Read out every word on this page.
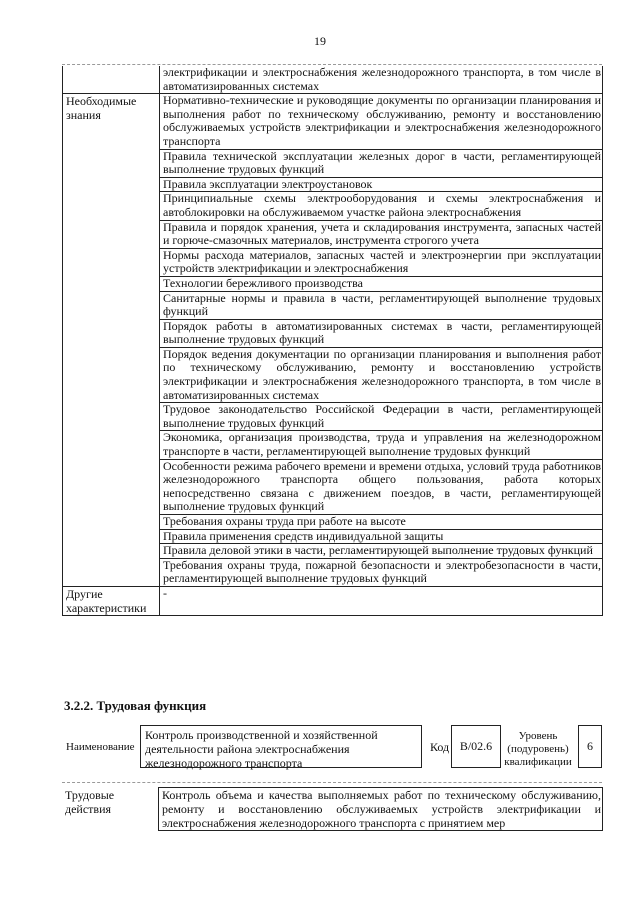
19
	электрификации и электроснабжения железнодорожного транспорта, в том числе в автоматизированных системах
Необходимые знания	Нормативно-технические и руководящие документы по организации планирования и выполнения работ по техническому обслуживанию, ремонту и восстановлению обслуживаемых устройств электрификации и электроснабжения железнодорожного транспорта
	Правила технической эксплуатации железных дорог в части, регламентирующей выполнение трудовых функций
	Правила эксплуатации электроустановок
	Принципиальные схемы электрооборудования и схемы электроснабжения и автоблокировки на обслуживаемом участке района электроснабжения
	Правила и порядок хранения, учета и складирования инструмента, запасных частей и горюче-смазочных материалов, инструмента строгого учета
	Нормы расхода материалов, запасных частей и электроэнергии при эксплуатации устройств электрификации и электроснабжения
	Технологии бережливого производства
	Санитарные нормы и правила в части, регламентирующей выполнение трудовых функций
	Порядок работы в автоматизированных системах в части, регламентирующей выполнение трудовых функций
	Порядок ведения документации по организации планирования и выполнения работ по техническому обслуживанию, ремонту и восстановлению устройств электрификации и электроснабжения железнодорожного транспорта, в том числе в автоматизированных системах
	Трудовое законодательство Российской Федерации в части, регламентирующей выполнение трудовых функций
	Экономика, организация производства, труда и управления на железнодорожном транспорте в части, регламентирующей выполнение трудовых функций
	Особенности режима рабочего времени и времени отдыха, условий труда работников железнодорожного транспорта общего пользования, работа которых непосредственно связана с движением поездов, в части, регламентирующей выполнение трудовых функций
	Требования охраны труда при работе на высоте
	Правила применения средств индивидуальной защиты
	Правила деловой этики в части, регламентирующей выполнение трудовых функций
	Требования охраны труда, пожарной безопасности и электробезопасности в части, регламентирующей выполнение трудовых функций
Другие характеристики	-
3.2.2. Трудовая функция
Наименование
Контроль производственной и хозяйственной деятельности района электроснабжения железнодорожного транспорта
Код В/02.6
Уровень (подуровень) квалификации
6
Трудовые действия	Контроль объема и качества выполняемых работ по техническому обслуживанию, ремонту и восстановлению обслуживаемых устройств электрификации и электроснабжения железнодорожного транспорта с принятием мер
